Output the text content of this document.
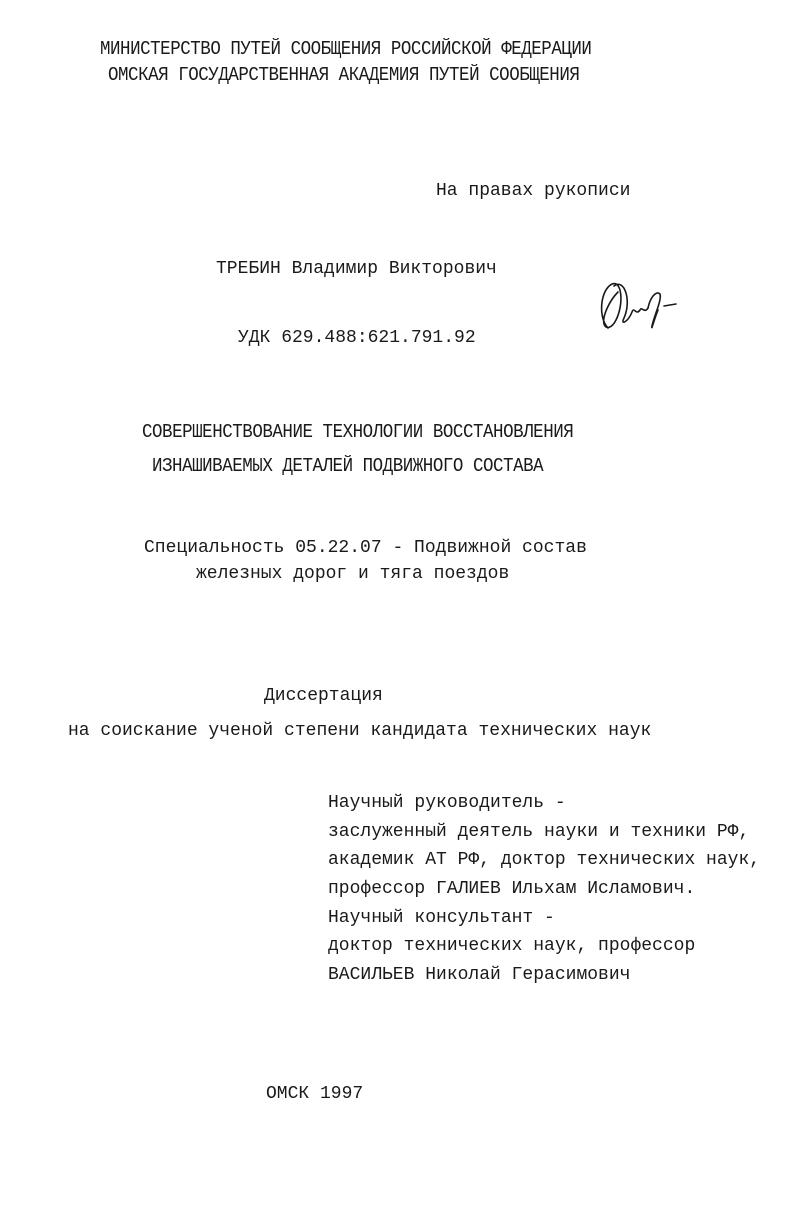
МИНИСТЕРСТВО ПУТЕЙ СООБЩЕНИЯ РОССИЙСКОЙ ФЕДЕРАЦИИ
ОМСКАЯ ГОСУДАРСТВЕННАЯ АКАДЕМИЯ ПУТЕЙ СООБЩЕНИЯ
На правах рукописи
ТРЕБИН Владимир Викторович
УДК 629.488:621.791.92
СОВЕРШЕНСТВОВАНИЕ ТЕХНОЛОГИИ ВОССТАНОВЛЕНИЯ
ИЗНАШИВАЕМЫХ ДЕТАЛЕЙ ПОДВИЖНОГО СОСТАВА
Специальность 05.22.07 - Подвижной состав
железных дорог и тяга поездов
Диссертация
на соискание ученой степени кандидата технических наук
Научный руководитель -
заслуженный деятель науки и техники РФ,
академик АТ РФ, доктор технических наук,
профессор ГАЛИЕВ Ильхам Исламович.
Научный консультант -
доктор технических наук, профессор
ВАСИЛЬЕВ Николай Герасимович
ОМСК 1997
